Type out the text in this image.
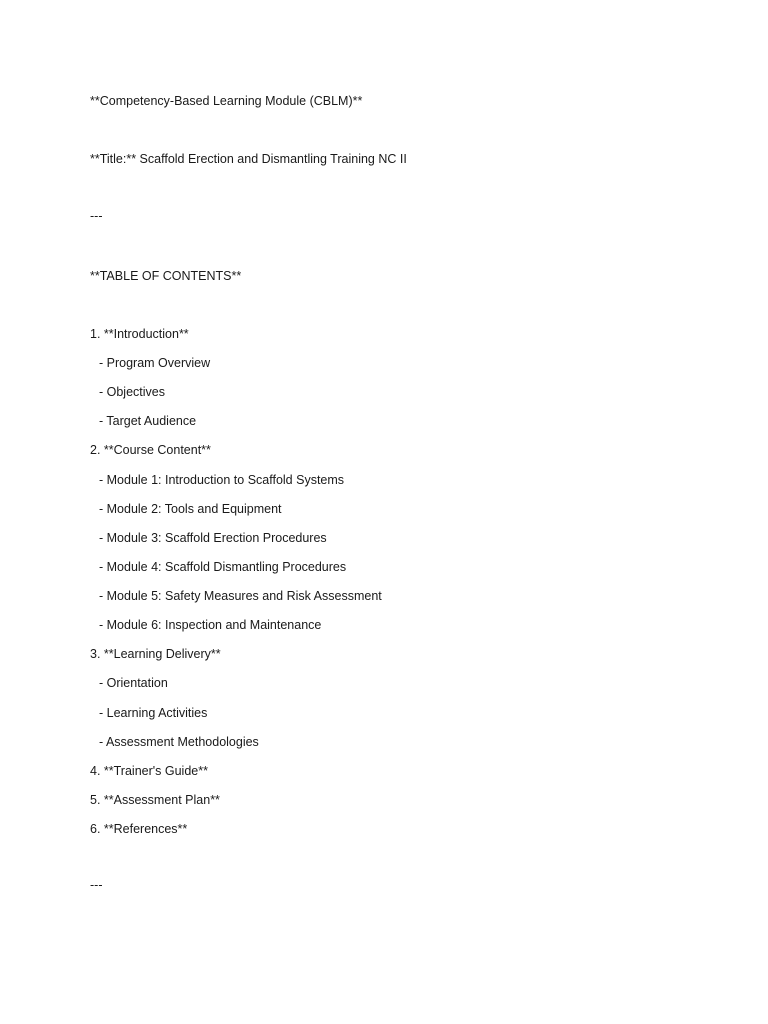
**Competency-Based Learning Module (CBLM)**
**Title:** Scaffold Erection and Dismantling Training NC II
---
**TABLE OF CONTENTS**
1. **Introduction**
- Program Overview
- Objectives
- Target Audience
2. **Course Content**
- Module 1: Introduction to Scaffold Systems
- Module 2: Tools and Equipment
- Module 3: Scaffold Erection Procedures
- Module 4: Scaffold Dismantling Procedures
- Module 5: Safety Measures and Risk Assessment
- Module 6: Inspection and Maintenance
3. **Learning Delivery**
- Orientation
- Learning Activities
- Assessment Methodologies
4. **Trainer's Guide**
5. **Assessment Plan**
6. **References**
---
